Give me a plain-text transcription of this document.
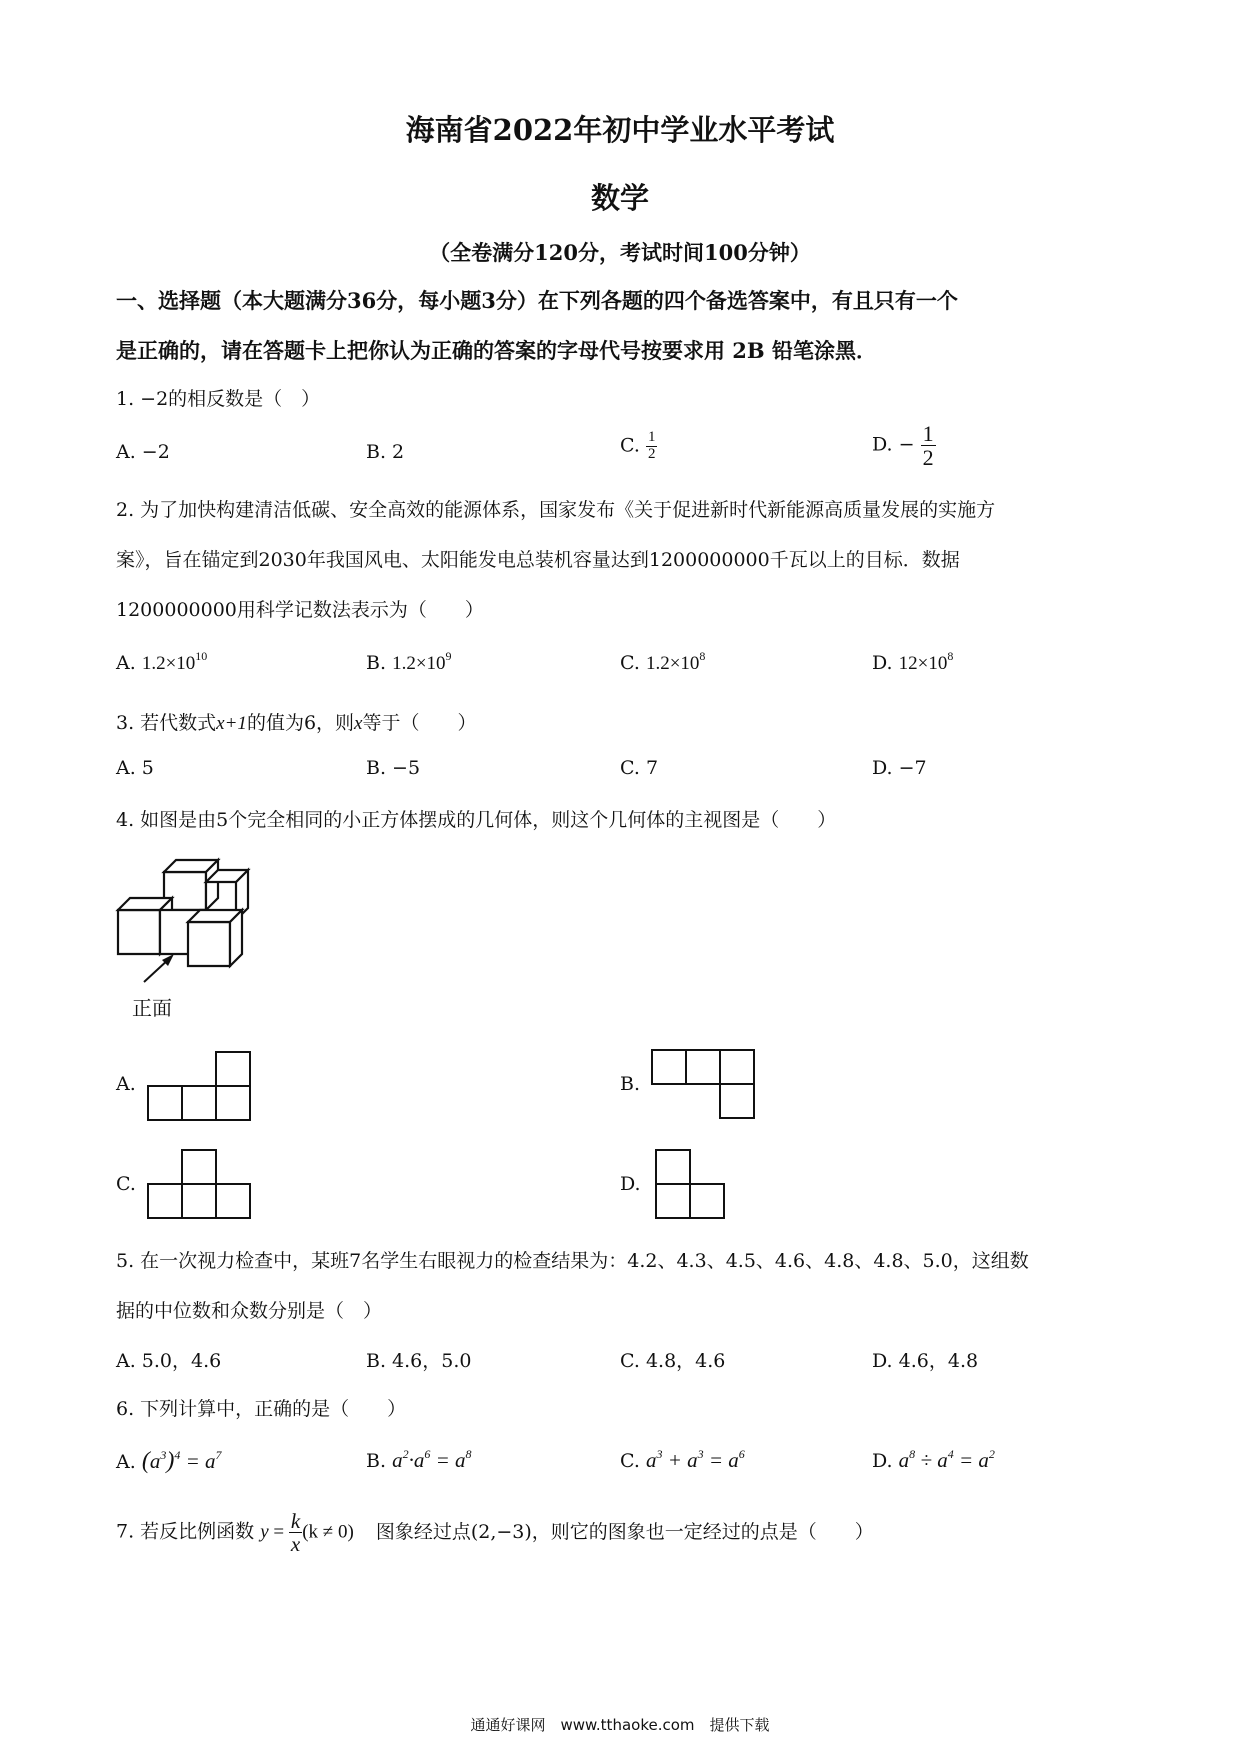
海南省2022年初中学业水平考试
数学
（全卷满分120分，考试时间100分钟）
一、选择题（本大题满分36分，每小题3分）在下列各题的四个备选答案中，有且只有一个
是正确的，请在答题卡上把你认为正确的答案的字母代号按要求用 2B 铅笔涂黑．
1. −2的相反数是（　）
A. −2	B. 2	C. $\frac{1}{2}$	D. − $\frac{1}{2}$
2. 为了加快构建清洁低碳、安全高效的能源体系，国家发布《关于促进新时代新能源高质量发展的实施方
案》，旨在锚定到2030年我国风电、太阳能发电总装机容量达到1200000000千瓦以上的目标．数据
1200000000用科学记数法表示为（　　）
A. $1.2\times 10^{10}$	B. $1.2\times 10^9$	C. $1.2\times 10^8$	D. $12\times 10^8$
3. 若代数式x+1的值为6，则x等于（　　）
A. 5	B. −5	C. 7	D. −7
4. 如图是由5个完全相同的小正方体摆成的几何体，则这个几何体的主视图是（　　）
正面
A.	B.
C.	D.
5. 在一次视力检查中，某班7名学生右眼视力的检查结果为：4.2、4.3、4.5、4.6、4.8、4.8、5.0，这组数
据的中位数和众数分别是（　）
A. 5.0，4.6	B. 4.6，5.0	C. 4.8，4.6	D. 4.6，4.8
6. 下列计算中，正确的是（　　）
A. $(a^3)^4 = a^7$	B. $a^2\cdot a^6 = a^8$	C. $a^3 + a^3 = a^6$	D. $a^8 \div a^4 = a^2$
7. 若反比例函数 $y = \frac{k}{x} (k \ne 0)$ 图象经过点(2,−3)，则它的图象也一定经过的点是（　　）
通通好课网　www.tthaoke.com　提供下载
